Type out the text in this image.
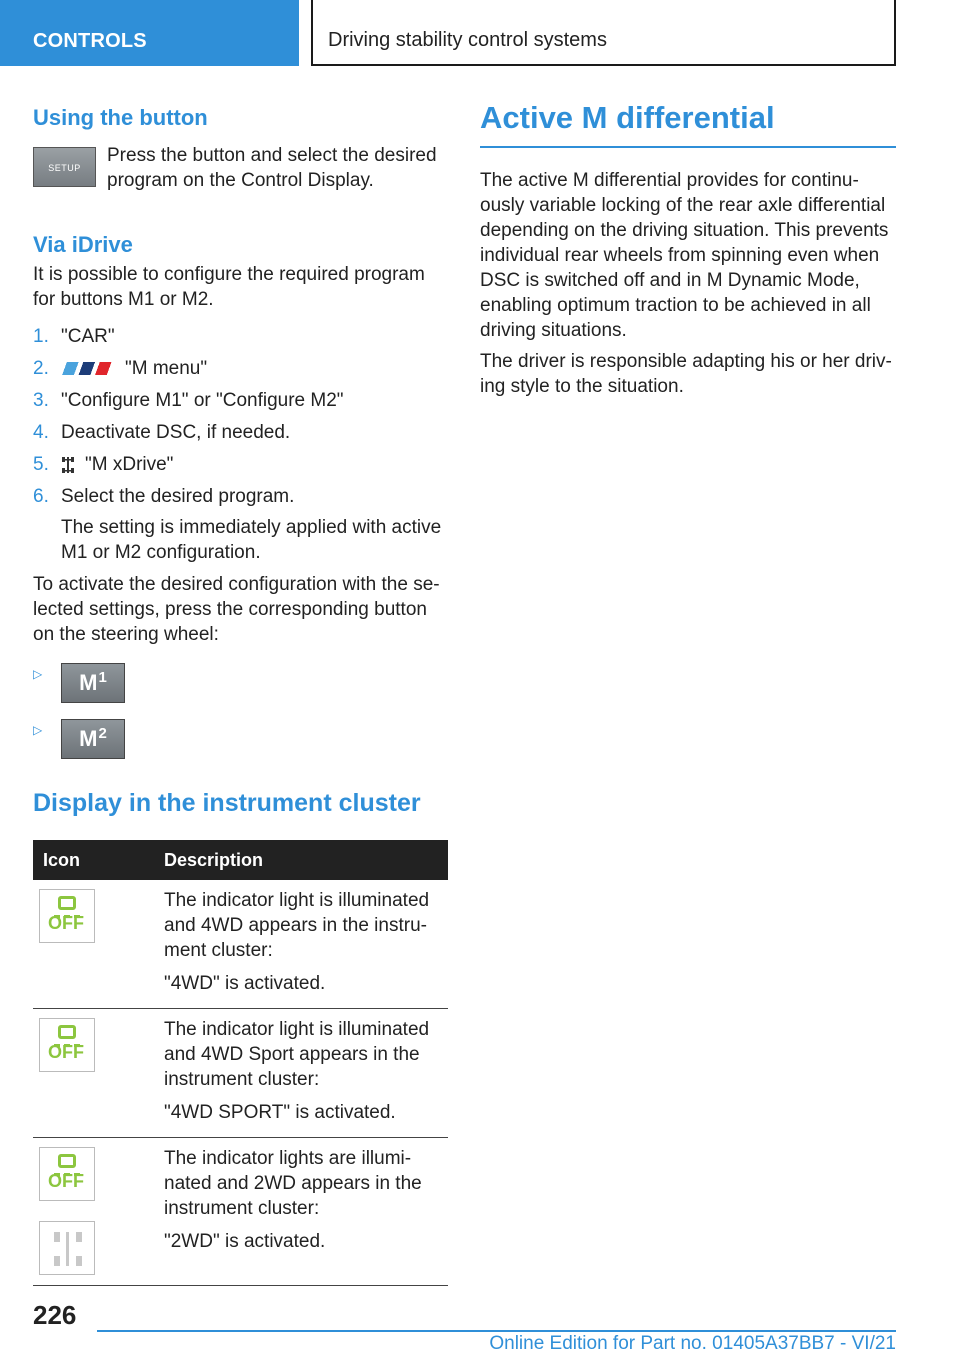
CONTROLS	Driving stability control systems
Using the button
SETUP

Press the button and select the desired program on the Control Display.

Via iDrive

It is possible to configure the required program for buttons M1 or M2.

1. "CAR"
2.	"M menu"
3. "Configure M1" or "Configure M2"
4. Deactivate DSC, if needed.
5. "M xDrive"
6. Select the desired program.

The setting is immediately applied with active M1 or M2 configuration.

To activate the desired configuration with the se-lected settings, press the corresponding button on the steering wheel:

▷ $M^1$
▷ $M^2$
Display in the instrument cluster
Icon	Description

OFF	The indicator light is illuminated and 4WD appears in the instru-ment cluster:

"4WD" is activated.

OFF	The indicator light is illuminated and 4WD Sport appears in the instrument cluster:

"4WD SPORT" is activated.

OFF	The indicator lights are illumi-nated and 2WD appears in the instrument cluster:

"2WD" is activated.

Active M differential

The active M differential provides for continu-ously variable locking of the rear axle differential depending on the driving situation. This prevents individual rear wheels from spinning even when DSC is switched off and in M Dynamic Mode, enabling optimum traction to be achieved in all driving situations.

The driver is responsible adapting his or her driv-ing style to the situation.

226
Online Edition for Part no. 01405A37BB7 - VI/21
